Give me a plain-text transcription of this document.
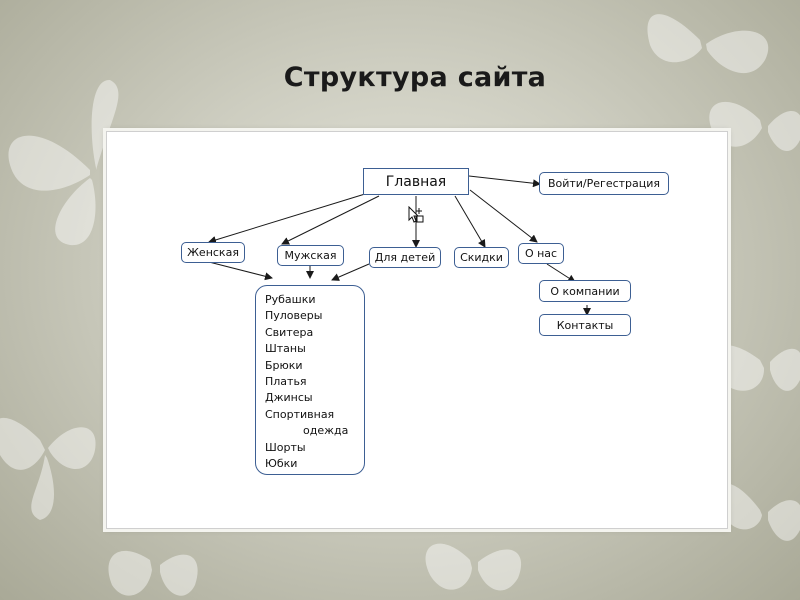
Структура сайта
Главная	Войти/Регестрация
Женская	Мужская	Для детей	Скидки	О нас
О компании
Контакты
Рубашки
Пуловеры
Свитера
Штаны
Брюки
Платья
Джинсы
Спортивная
одежда
Шорты
Юбки
